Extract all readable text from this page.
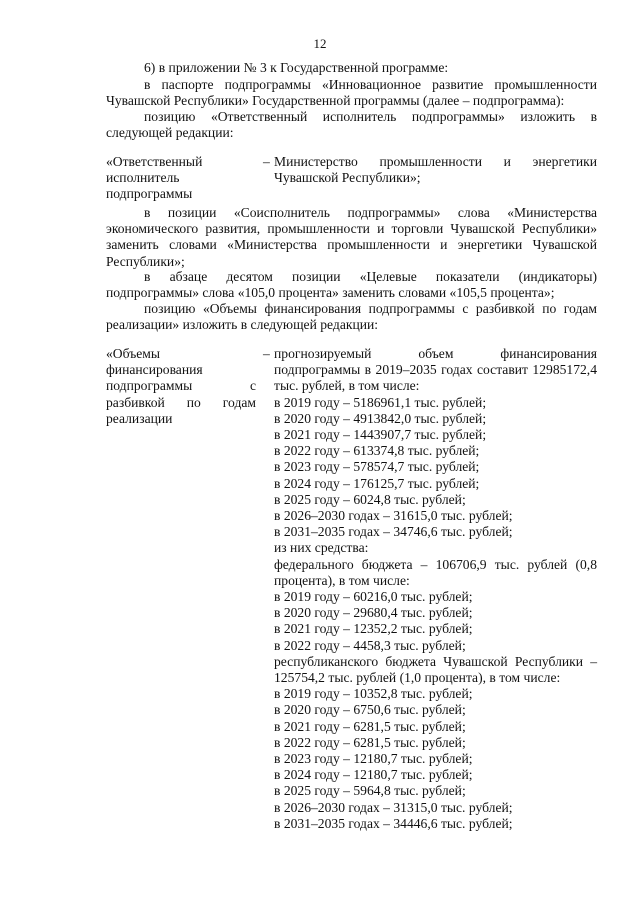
12

6) в приложении № 3 к Государственной программе:

в паспорте подпрограммы «Инновационное развитие промышленности Чувашской Республики» Государственной программы (далее – подпрограмма):

позицию «Ответственный исполнитель подпрограммы» изложить в следующей редакции:

«Ответственный исполнитель подпрограммы
– Министерство промышленности и энергетики Чувашской Республики»;

в позиции «Соисполнитель подпрограммы» слова «Министерства экономического развития, промышленности и торговли Чувашской Республики» заменить словами «Министерства промышленности и энергетики Чувашской Республики»;

в абзаце десятом позиции «Целевые показатели (индикаторы) подпрограммы» слова «105,0 процента» заменить словами «105,5 процента»;

позицию «Объемы финансирования подпрограммы с разбивкой по годам реализации» изложить в следующей редакции:

«Объемы финансирования подпрограммы с разбивкой по годам реализации
– прогнозируемый объем финансирования подпрограммы в 2019–2035 годах составит 12985172,4 тыс. рублей, в том числе:
в 2019 году – 5186961,1 тыс. рублей;
в 2020 году – 4913842,0 тыс. рублей;
в 2021 году – 1443907,7 тыс. рублей;
в 2022 году – 613374,8 тыс. рублей;
в 2023 году – 578574,7 тыс. рублей;
в 2024 году – 176125,7 тыс. рублей;
в 2025 году – 6024,8 тыс. рублей;
в 2026–2030 годах – 31615,0 тыс. рублей;
в 2031–2035 годах – 34746,6 тыс. рублей;
из них средства:
федерального бюджета – 106706,9 тыс. рублей (0,8 процента), в том числе:
в 2019 году – 60216,0 тыс. рублей;
в 2020 году – 29680,4 тыс. рублей;
в 2021 году – 12352,2 тыс. рублей;
в 2022 году – 4458,3 тыс. рублей;
республиканского бюджета Чувашской Республики – 125754,2 тыс. рублей (1,0 процента), в том числе:
в 2019 году – 10352,8 тыс. рублей;
в 2020 году – 6750,6 тыс. рублей;
в 2021 году – 6281,5 тыс. рублей;
в 2022 году – 6281,5 тыс. рублей;
в 2023 году – 12180,7 тыс. рублей;
в 2024 году – 12180,7 тыс. рублей;
в 2025 году – 5964,8 тыс. рублей;
в 2026–2030 годах – 31315,0 тыс. рублей;
в 2031–2035 годах – 34446,6 тыс. рублей;
